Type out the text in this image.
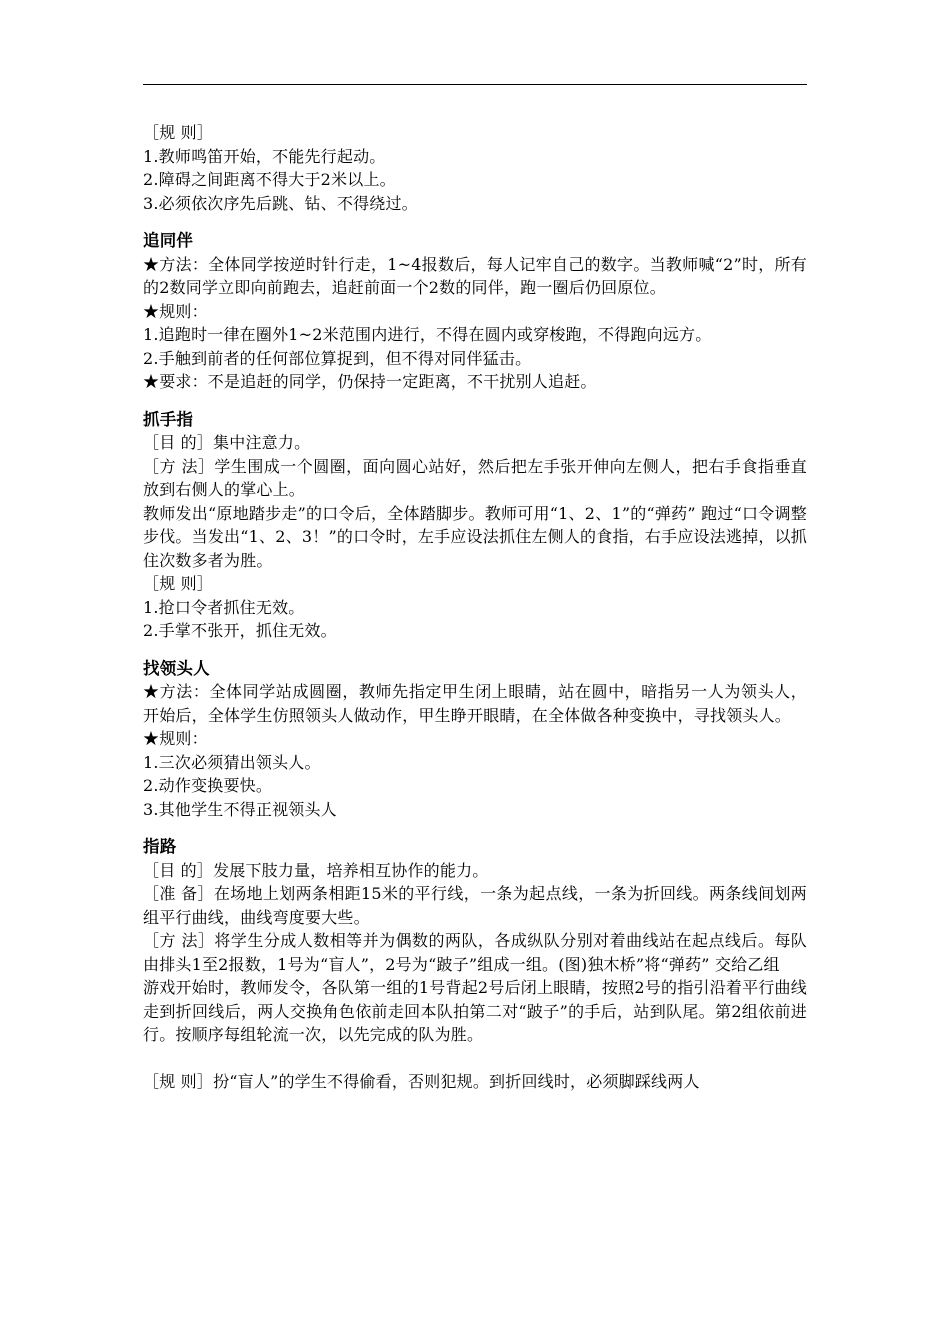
［规 则］

1.教师鸣笛开始，不能先行起动。

2.障碍之间距离不得大于2米以上。

3.必须依次序先后跳、钻、不得绕过。

追同伴

★方法：全体同学按逆时针行走，1~4报数后，每人记牢自己的数字。当教师喊“2”时，所有的2数同学立即向前跑去，追赶前面一个2数的同伴，跑一圈后仍回原位。

★规则：

1.追跑时一律在圈外1~2米范围内进行，不得在圆内或穿梭跑，不得跑向远方。

2.手触到前者的任何部位算捉到，但不得对同伴猛击。

★要求：不是追赶的同学，仍保持一定距离，不干扰别人追赶。

抓手指

［目 的］集中注意力。

［方 法］学生围成一个圆圈，面向圆心站好，然后把左手张开伸向左侧人，把右手食指垂直放到右侧人的掌心上。

教师发出“原地踏步走”的口令后，全体踏脚步。教师可用“1、2、1”的“弹药” 跑过“口令调整步伐。当发出“1、2、3！”的口令时，左手应设法抓住左侧人的食指，右手应设法逃掉，以抓住次数多者为胜。

［规 则］

1.抢口令者抓住无效。

2.手掌不张开，抓住无效。

找领头人

★方法：全体同学站成圆圈，教师先指定甲生闭上眼睛，站在圆中，暗指另一人为领头人，开始后，全体学生仿照领头人做动作，甲生睁开眼睛，在全体做各种变换中，寻找领头人。

★规则：

1.三次必须猜出领头人。

2.动作变换要快。

3.其他学生不得正视领头人

指路

［目 的］发展下肢力量，培养相互协作的能力。

［准 备］在场地上划两条相距15米的平行线，一条为起点线，一条为折回线。两条线间划两组平行曲线，曲线弯度要大些。

［方 法］将学生分成人数相等并为偶数的两队，各成纵队分别对着曲线站在起点线后。每队由排头1至2报数，1号为“盲人”，2号为“跛子”组成一组。(图)独木桥”将“弹药” 交给乙组

游戏开始时，教师发令，各队第一组的1号背起2号后闭上眼睛，按照2号的指引沿着平行曲线走到折回线后，两人交换角色依前走回本队拍第二对“跛子”的手后，站到队尾。第2组依前进行。按顺序每组轮流一次，以先完成的队为胜。

［规 则］扮“盲人”的学生不得偷看，否则犯规。到折回线时，必须脚踩线两人
